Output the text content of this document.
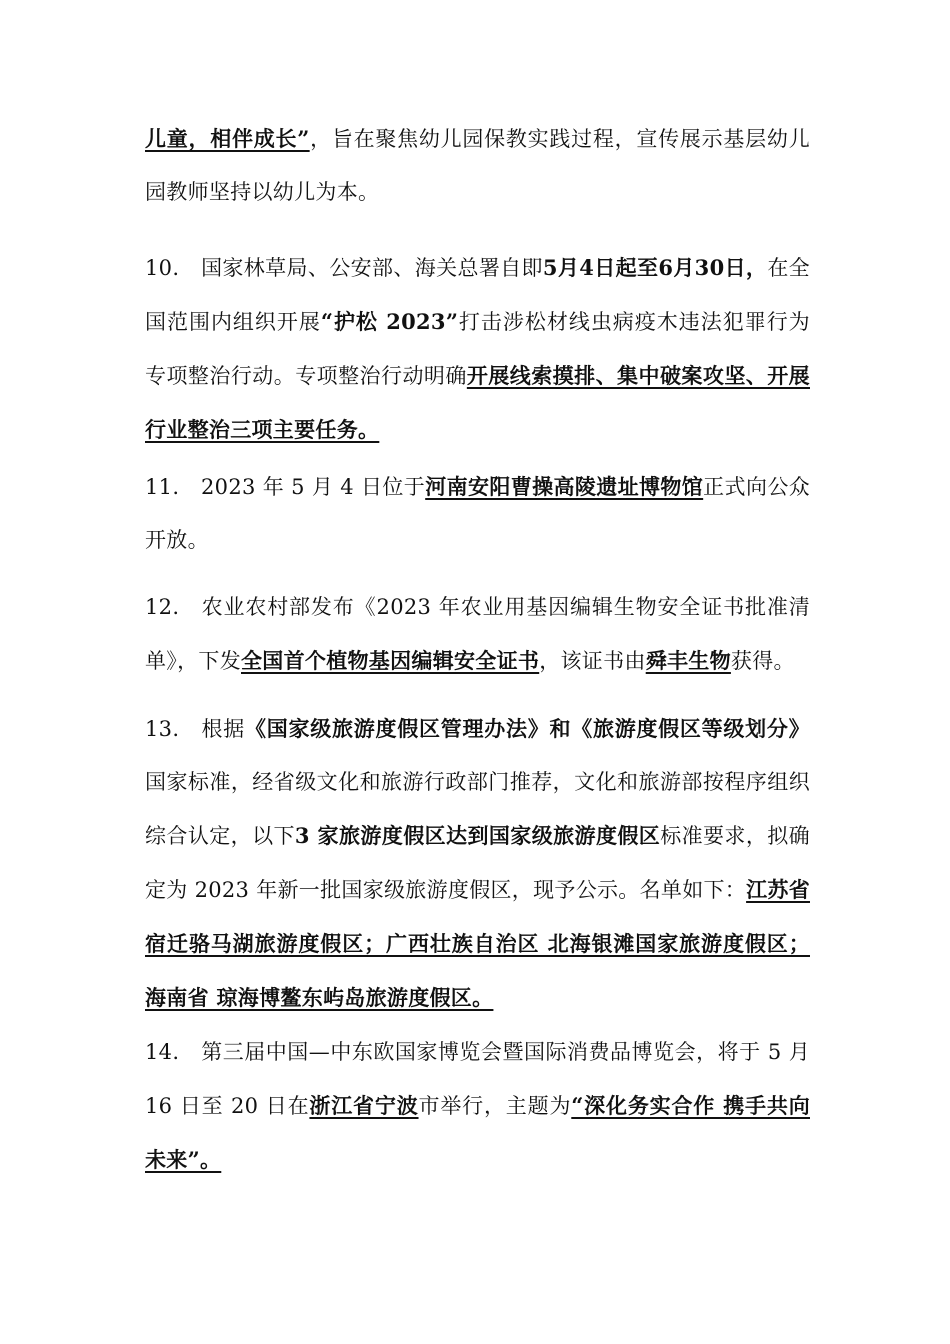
儿童，相伴成长”，旨在聚焦幼儿园保教实践过程，宣传展示基层幼儿园教师坚持以幼儿为本。

10. 国家林草局、公安部、海关总署自即5月4日起至6月30日，在全国范围内组织开展“护松 2023”打击涉松材线虫病疫木违法犯罪行为专项整治行动。专项整治行动明确开展线索摸排、集中破案攻坚、开展行业整治三项主要任务。

11. 2023 年 5 月 4 日位于河南安阳曹操高陵遗址博物馆正式向公众开放。

12. 农业农村部发布《2023 年农业用基因编辑生物安全证书批准清单》，下发全国首个植物基因编辑安全证书，该证书由舜丰生物获得。

13. 根据《国家级旅游度假区管理办法》和《旅游度假区等级划分》国家标准，经省级文化和旅游行政部门推荐，文化和旅游部按程序组织综合认定，以下3 家旅游度假区达到国家级旅游度假区标准要求，拟确定为 2023 年新一批国家级旅游度假区，现予公示。名单如下：江苏省 宿迁骆马湖旅游度假区；广西壮族自治区 北海银滩国家旅游度假区；海南省 琼海博鳌东屿岛旅游度假区。

14. 第三届中国—中东欧国家博览会暨国际消费品博览会，将于 5 月 16 日至 20 日在浙江省宁波市举行，主题为“深化务实合作 携手共向未来”。
